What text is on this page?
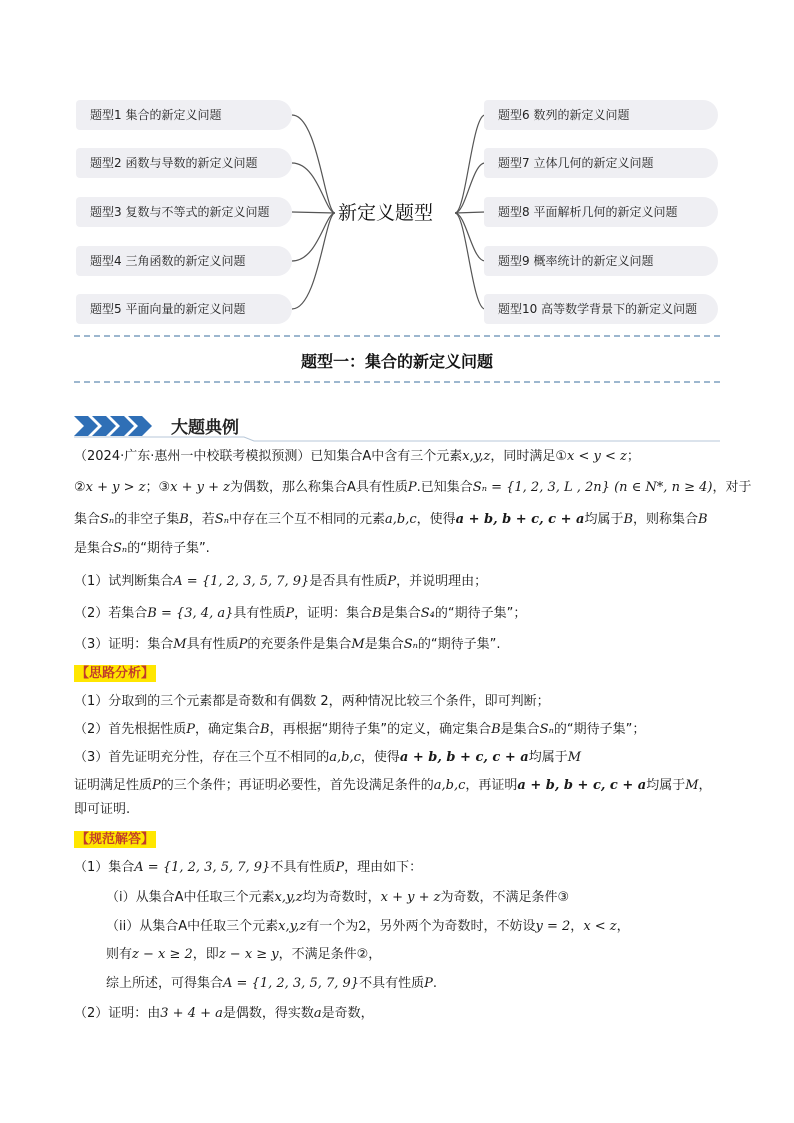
题型1 集合的新定义问题
题型2 函数与导数的新定义问题
题型3 复数与不等式的新定义问题
题型4 三角函数的新定义问题
题型5 平面向量的新定义问题
新定义题型
题型6 数列的新定义问题
题型7 立体几何的新定义问题
题型8 平面解析几何的新定义问题
题型9 概率统计的新定义问题
题型10 高等数学背景下的新定义问题
题型一：集合的新定义问题
大题典例
（2024·广东·惠州一中校联考模拟预测）已知集合A中含有三个元素x,y,z，同时满足①x < y < z；
②x + y > z；③x + y + z为偶数，那么称集合A具有性质P.已知集合Sₙ = {1, 2, 3, L , 2n} (n ∈ N*, n ≥ 4)，对于
集合Sₙ的非空子集B，若Sₙ中存在三个互不相同的元素a,b,c，使得a + b, b + c, c + a均属于B，则称集合B
是集合Sₙ的“期待子集”.
（1）试判断集合A = {1, 2, 3, 5, 7, 9}是否具有性质P，并说明理由；
（2）若集合B = {3, 4, a}具有性质P，证明：集合B是集合S₄的“期待子集”；
（3）证明：集合M具有性质P的充要条件是集合M是集合Sₙ的“期待子集”.
【思路分析】
（1）分取到的三个元素都是奇数和有偶数 2，两种情况比较三个条件，即可判断；
（2）首先根据性质P，确定集合B，再根据“期待子集”的定义，确定集合B是集合Sₙ的“期待子集”；
（3）首先证明充分性，存在三个互不相同的a,b,c，使得a + b, b + c, c + a均属于M
证明满足性质P的三个条件；再证明必要性，首先设满足条件的a,b,c，再证明a + b, b + c, c + a均属于M，
即可证明.
【规范解答】
（1）集合A = {1, 2, 3, 5, 7, 9}不具有性质P，理由如下：
（i）从集合A中任取三个元素x,y,z均为奇数时，x + y + z为奇数，不满足条件③
（ii）从集合A中任取三个元素x,y,z有一个为2，另外两个为奇数时，不妨设y = 2，x < z，
则有z − x ≥ 2，即z − x ≥ y，不满足条件②，
综上所述，可得集合A = {1, 2, 3, 5, 7, 9}不具有性质P.
（2）证明：由3 + 4 + a是偶数，得实数a是奇数，
